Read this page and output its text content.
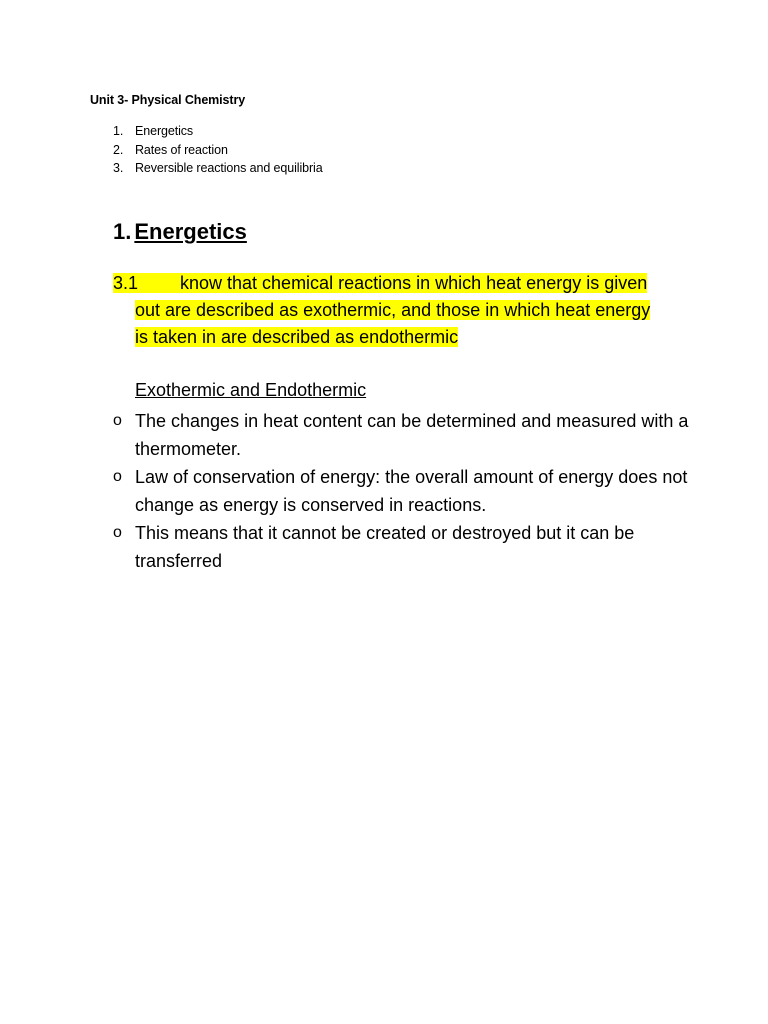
Unit 3- Physical Chemistry
1. Energetics
2. Rates of reaction
3. Reversible reactions and equilibria
1. Energetics
3.1 know that chemical reactions in which heat energy is given
out are described as exothermic, and those in which heat energy
is taken in are described as endothermic
Exothermic and Endothermic
o The changes in heat content can be determined and measured with a thermometer.
o Law of conservation of energy: the overall amount of energy does not change as energy is conserved in reactions.
o This means that it cannot be created or destroyed but it can be transferred
